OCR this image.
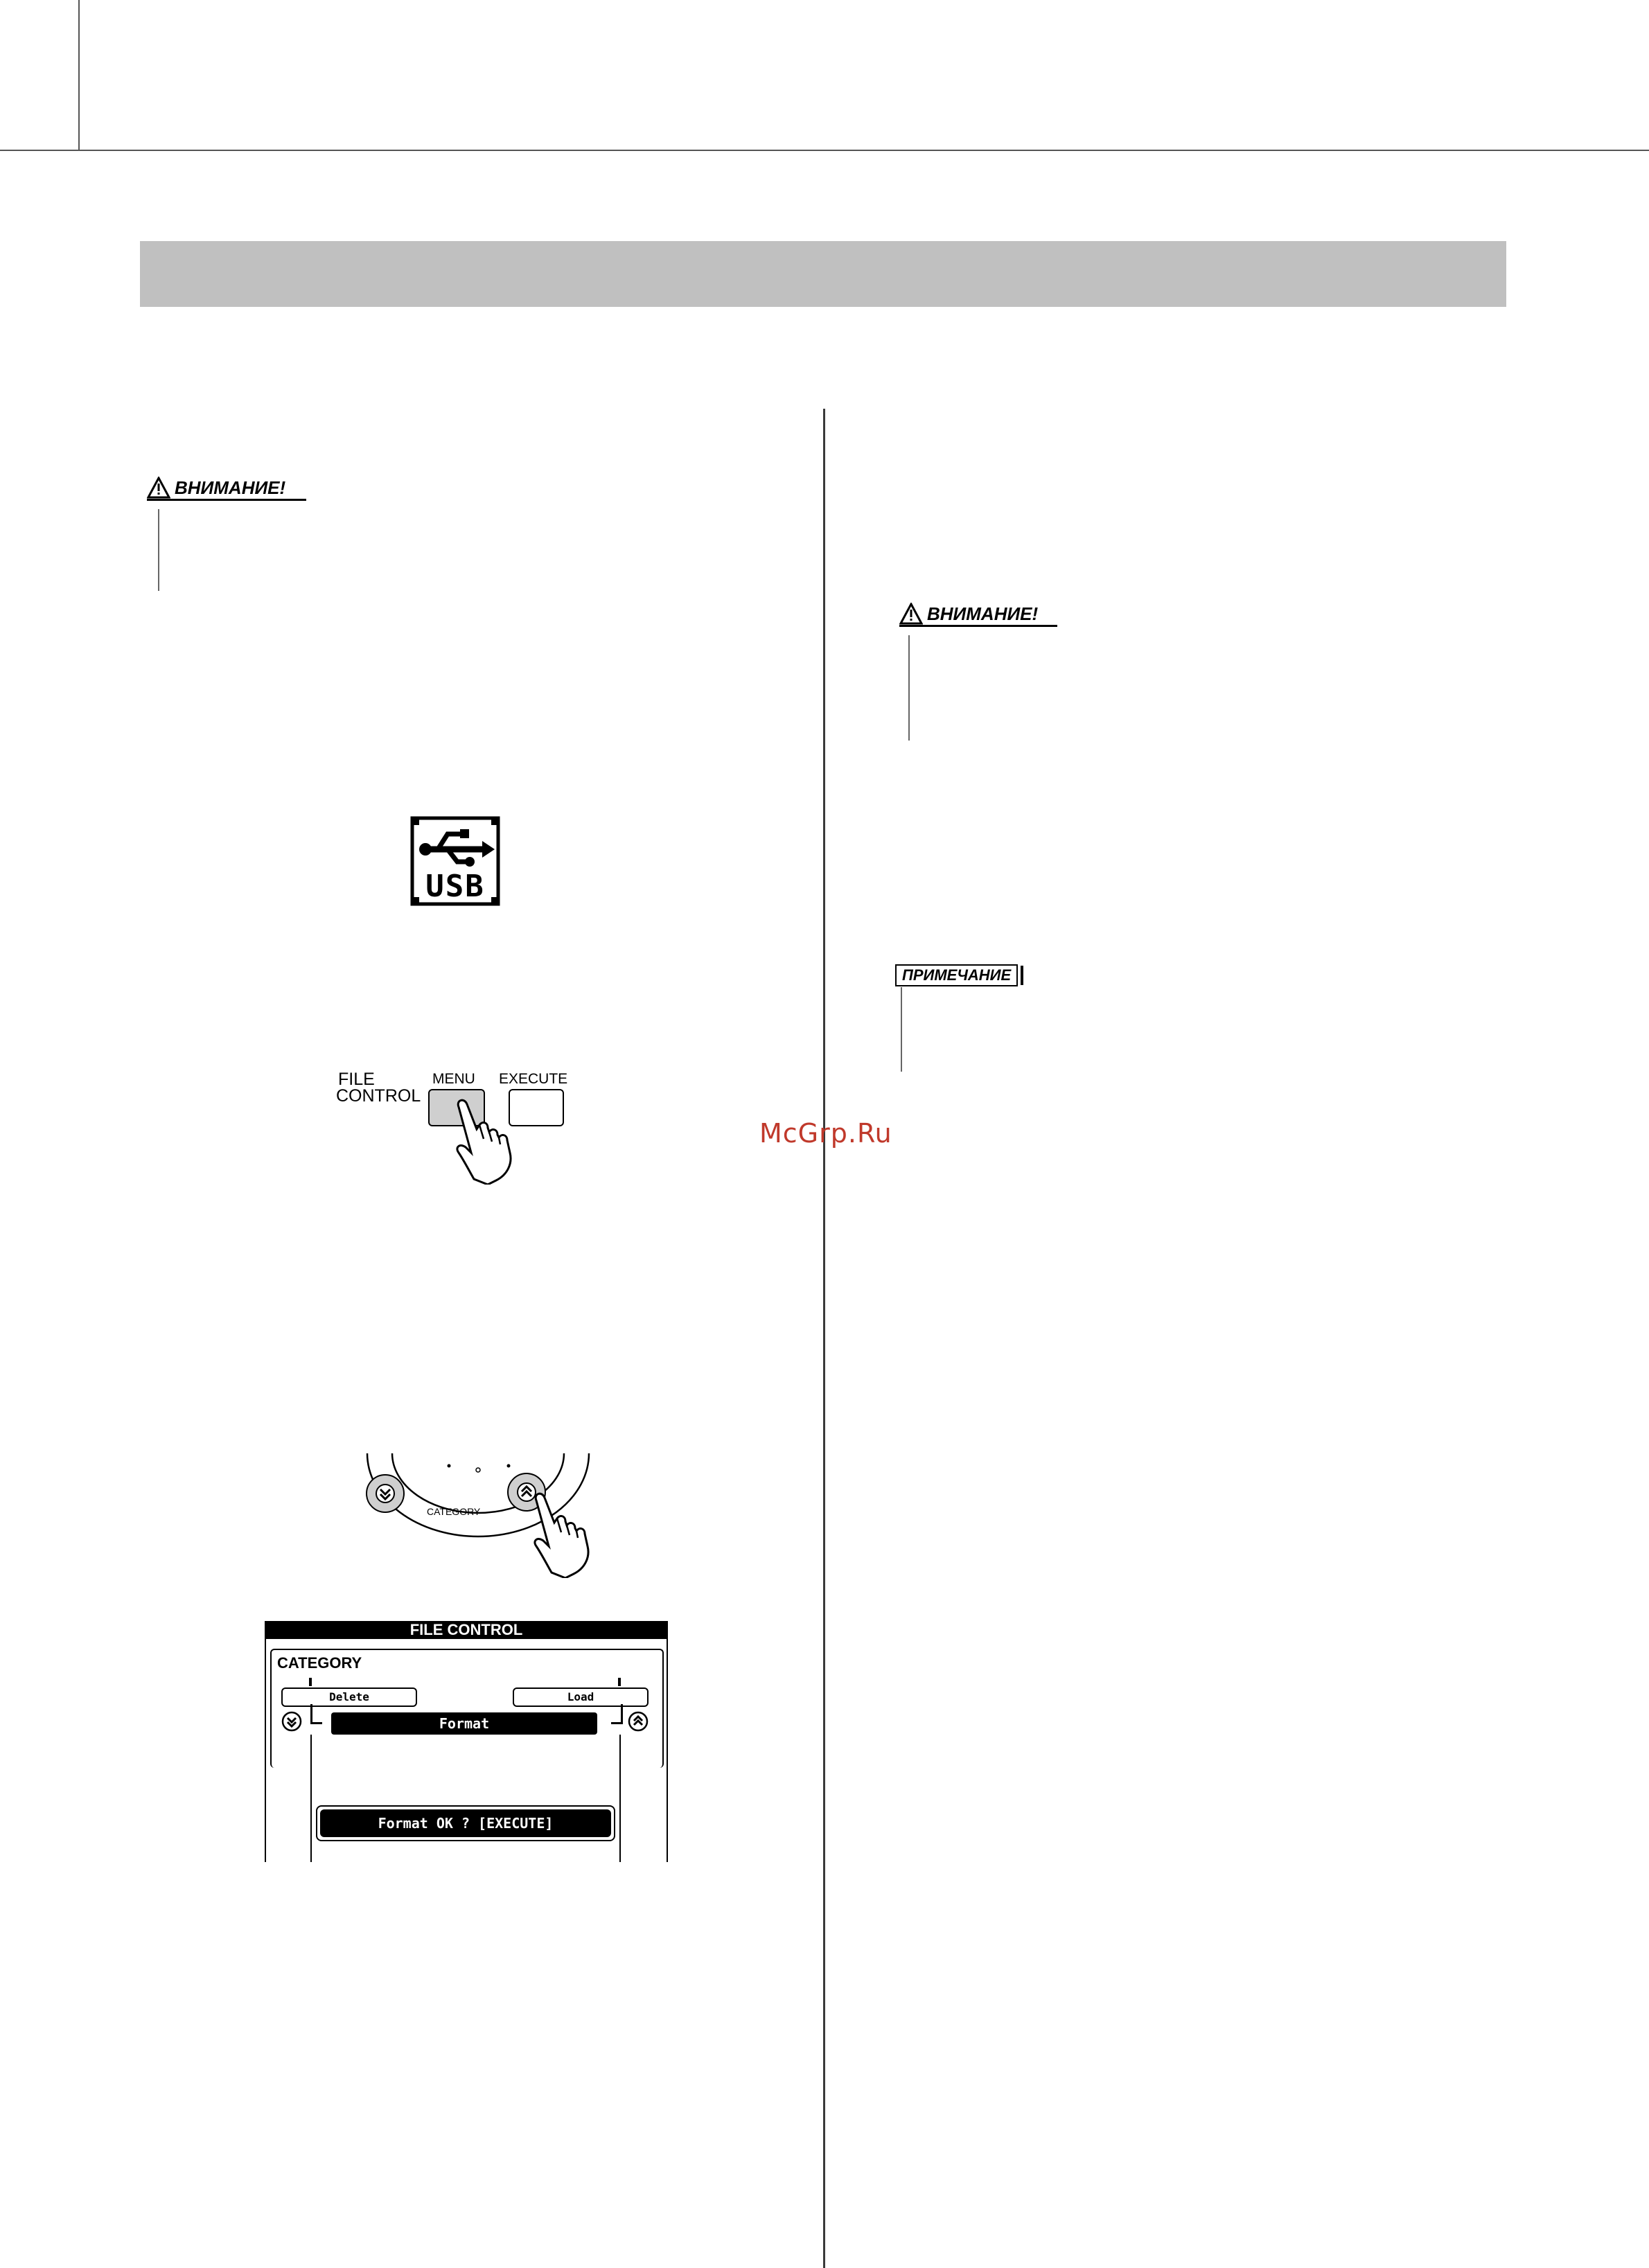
ВНИМАНИЕ!
ВНИМАНИЕ!
ПРИМЕЧАНИЕ
McGrp.Ru
USB
FILE
CONTROL
MENU EXECUTE
CATEGORY
FILE CONTROL
CATEGORY
Delete	Load
Format
Format OK ? [EXECUTE]
